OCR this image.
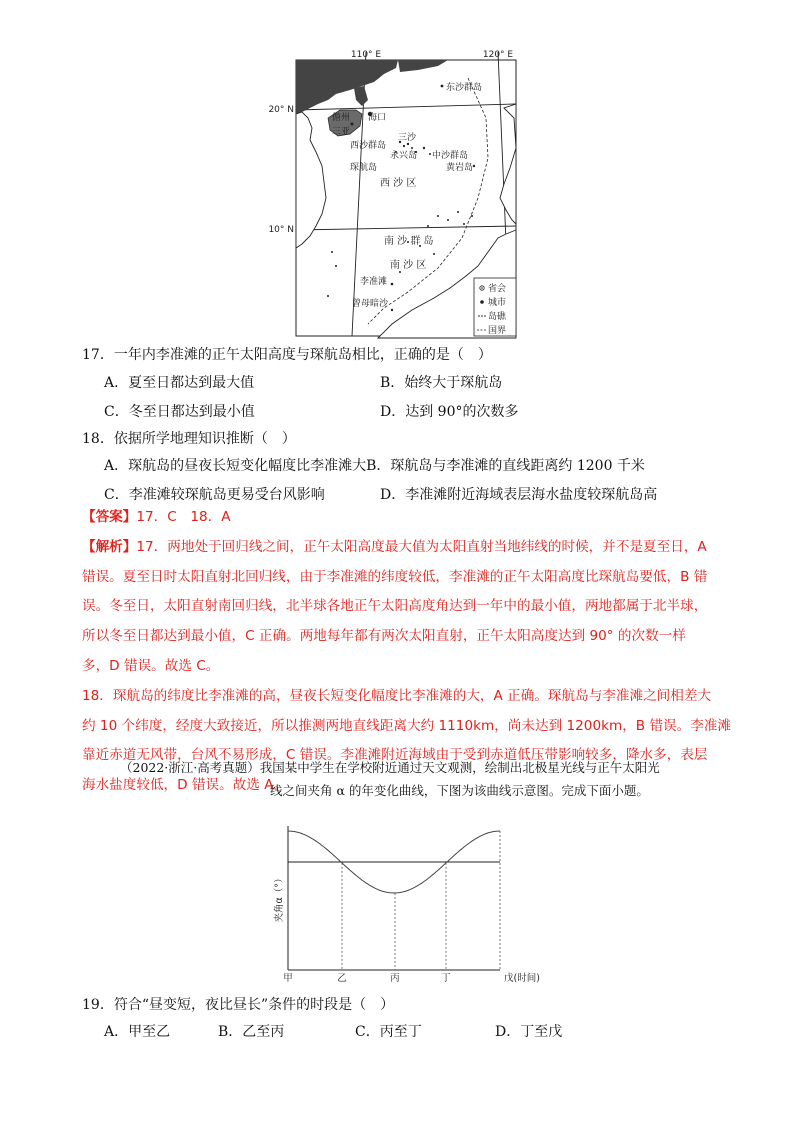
110° E	120° E
20° N
10° N
东沙群岛
儋州 海口
三亚
三沙
西沙群岛
永兴岛 中沙群岛
琛航岛	黄岩岛
西 沙 区
南 沙 群 岛
南 沙 区
李准滩
曾母暗沙
省会
城市
岛礁
国界
17．一年内李准滩的正午太阳高度与琛航岛相比，正确的是（　）
A．夏至日都达到最大值	B．始终大于琛航岛
C．冬至日都达到最小值	D．达到 90°的次数多
18．依据所学地理知识推断（　）
A．琛航岛的昼夜长短变化幅度比李准滩大B．琛航岛与李准滩的直线距离约 1200 千米
C．李准滩较琛航岛更易受台风影响	D．李准滩附近海域表层海水盐度较琛航岛高

【答案】17．C　18．A

【解析】17．两地处于回归线之间，正午太阳高度最大值为太阳直射当地纬线的时候，并不是夏至日，A

错误。夏至日时太阳直射北回归线，由于李准滩的纬度较低，李准滩的正午太阳高度比琛航岛要低，B 错

误。冬至日，太阳直射南回归线，北半球各地正午太阳高度角达到一年中的最小值，两地都属于北半球，

所以冬至日都达到最小值，C 正确。两地每年都有两次太阳直射，正午太阳高度达到 90° 的次数一样

多，D 错误。故选 C。

18．琛航岛的纬度比李准滩的高，昼夜长短变化幅度比李准滩的大，A 正确。琛航岛与李准滩之间相差大

约 10 个纬度，经度大致接近，所以推测两地直线距离大约 1110km，尚未达到 1200km，B 错误。李准滩

靠近赤道无风带，台风不易形成，C 错误。李准滩附近海域由于受到赤道低压带影响较多，降水多，表层

海水盐度较低，D 错误。故选 A。

（2022·浙江·高考真题）我国某中学生在学校附近通过天文观测，绘制出北极星光线与正午太阳光
线之间夹角 α 的年变化曲线，下图为该曲线示意图。完成下面小题。
夹角α（°）
甲	乙	丙	丁	戊(时间)
19．符合“昼变短，夜比昼长”条件的时段是（　）
A．甲至乙	B．乙至丙	C．丙至丁	D．丁至戊
